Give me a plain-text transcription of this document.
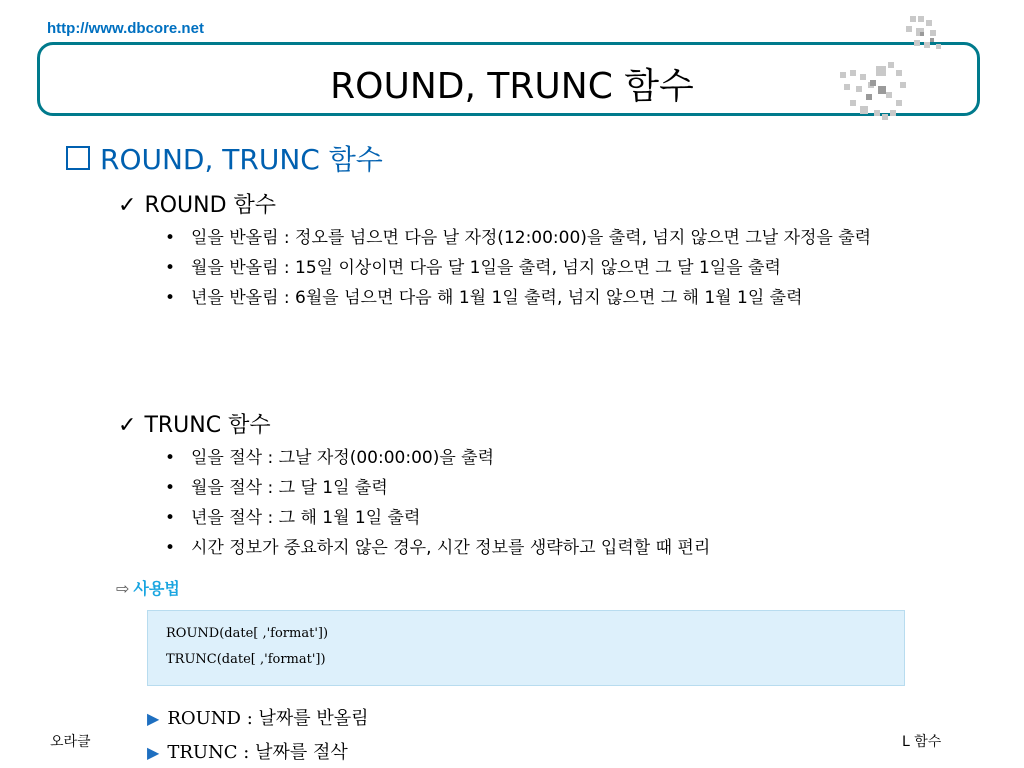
http://www.dbcore.net
ROUND, TRUNC 함수
ROUND, TRUNC 함수
✓ ROUND 함수
• 일을 반올림 : 정오를 넘으면 다음 날 자정(12:00:00)을 출력, 넘지 않으면 그날 자정을 출력
• 월을 반올림 : 15일 이상이면 다음 달 1일을 출력, 넘지 않으면 그 달 1일을 출력
• 년을 반올림 : 6월을 넘으면 다음 해 1월 1일 출력, 넘지 않으면 그 해 1월 1일 출력
✓ TRUNC 함수
• 일을 절삭 : 그날 자정(00:00:00)을 출력
• 월을 절삭 : 그 달 1일 출력
• 년을 절삭 : 그 해 1월 1일 출력
• 시간 정보가 중요하지 않은 경우, 시간 정보를 생략하고 입력할 때 편리
⇨ 사용법
ROUND(date[ ,'format'])
TRUNC(date[ ,'format'])
▶ ROUND : 날짜를 반올림
▶ TRUNC : 날짜를 절삭
오라클	L 함수
